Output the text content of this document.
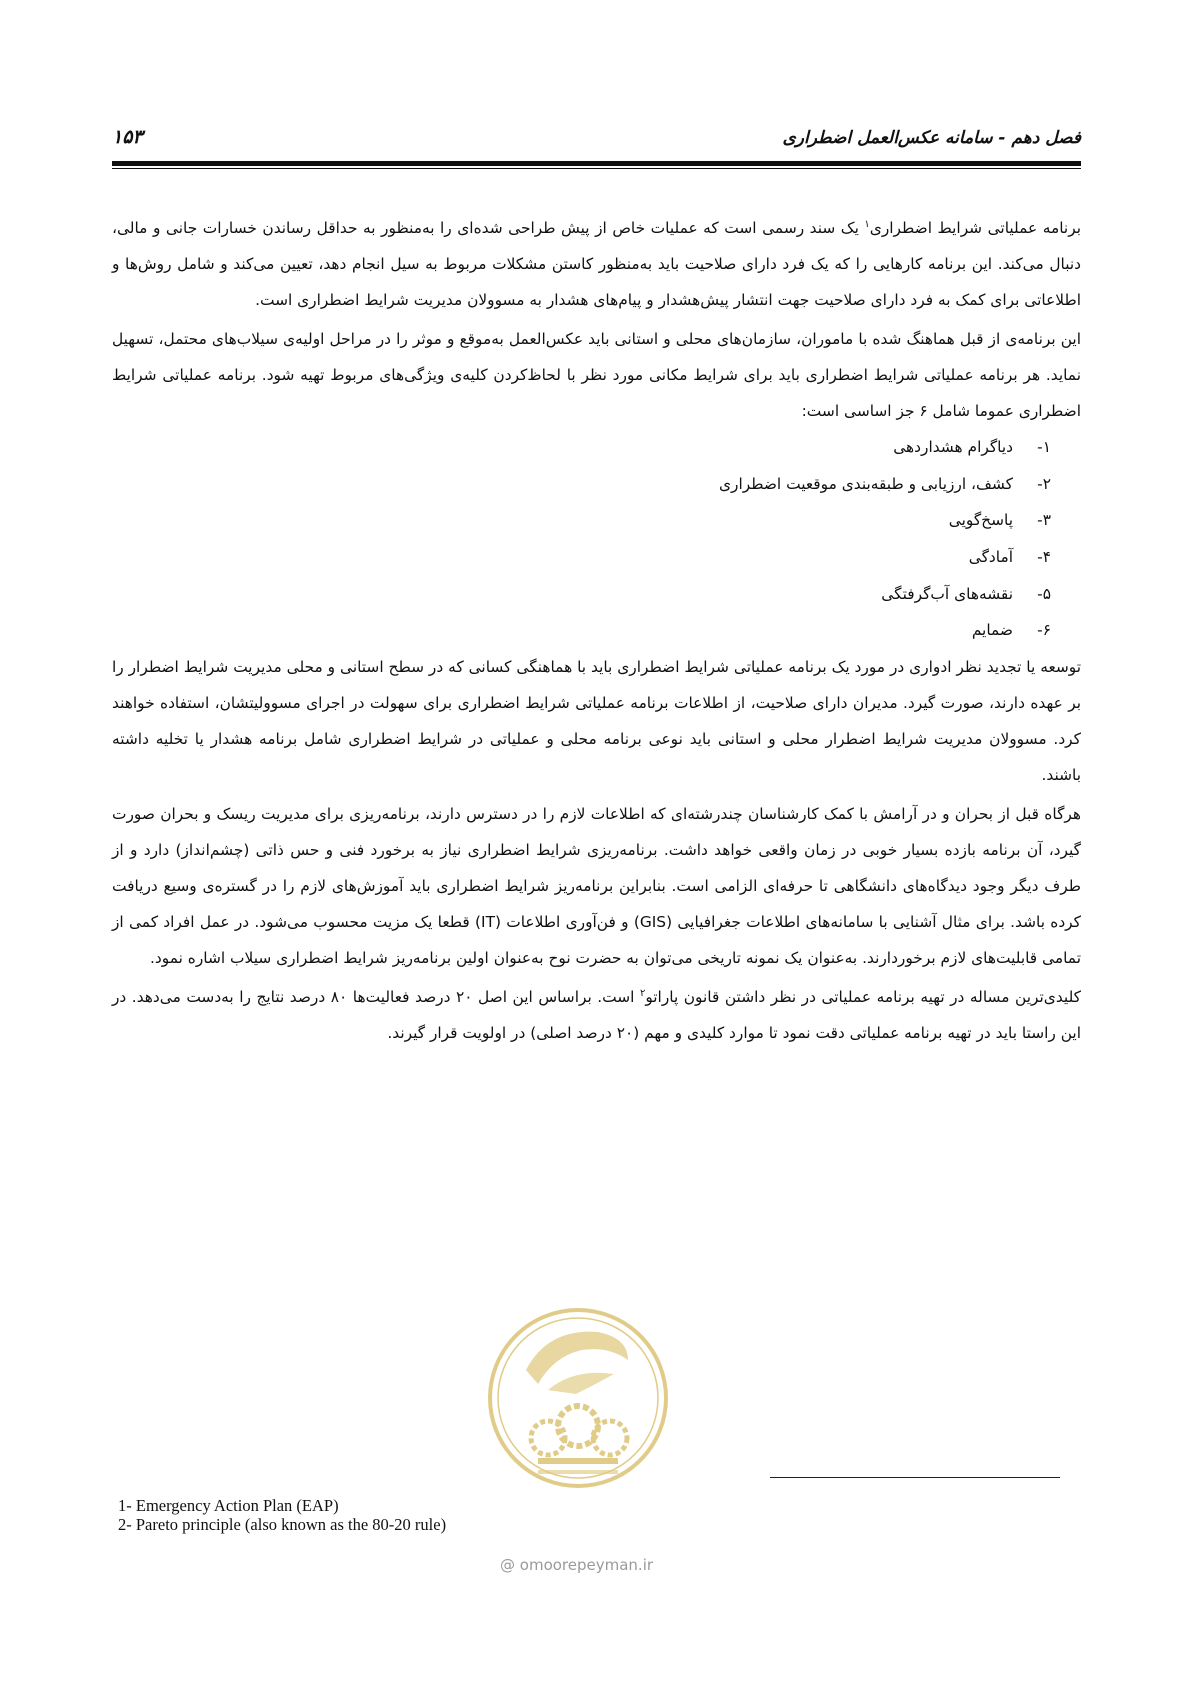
فصل دهم - سامانه عکس‌العمل اضطراری
۱۵۳

برنامه عملیاتی شرایط اضطراری$^۱$ یک سند رسمی است که عملیات خاص از پیش طراحی شده‌ای را به‌منظور به حداقل رساندن خسارات جانی و مالی، دنبال می‌کند. این برنامه کارهایی را که یک فرد دارای صلاحیت باید به‌منظور کاستن مشکلات مربوط به سیل انجام دهد، تعیین می‌کند و شامل روش‌ها و اطلاعاتی برای کمک به فرد دارای صلاحیت جهت انتشار پیش‌هشدار و پیام‌های هشدار به مسوولان مدیریت شرایط اضطراری است.

این برنامه‌ی از قبل هماهنگ شده با ماموران، سازمان‌های محلی و استانی باید عکس‌العمل به‌موقع و موثر را در مراحل اولیه‌ی سیلاب‌های محتمل، تسهیل نماید. هر برنامه عملیاتی شرایط اضطراری باید برای شرایط مکانی مورد نظر با لحاظ‌کردن کلیه‌ی ویژگی‌های مربوط تهیه شود. برنامه عملیاتی شرایط اضطراری عموما شامل ۶ جز اساسی است:

۱-دیاگرام هشداردهی
۲-کشف، ارزیابی و طبقه‌بندی موقعیت اضطراری
۳-پاسخ‌گویی
۴-آمادگی
۵-نقشه‌های آب‌گرفتگی
۶-ضمایم

توسعه یا تجدید نظر ادواری در مورد یک برنامه عملیاتی شرایط اضطراری باید با هماهنگی کسانی که در سطح استانی و محلی مدیریت شرایط اضطرار را بر عهده دارند، صورت گیرد. مدیران دارای صلاحیت، از اطلاعات برنامه عملیاتی شرایط اضطراری برای سهولت در اجرای مسوولیتشان، استفاده خواهند کرد. مسوولان مدیریت شرایط اضطرار محلی و استانی باید نوعی برنامه محلی و عملیاتی در شرایط اضطراری شامل برنامه هشدار یا تخلیه داشته باشند.

هرگاه قبل از بحران و در آرامش با کمک کارشناسان چندرشته‌ای که اطلاعات لازم را در دسترس دارند، برنامه‌ریزی برای مدیریت ریسک و بحران صورت گیرد، آن برنامه بازده بسیار خوبی در زمان واقعی خواهد داشت. برنامه‌ریزی شرایط اضطراری نیاز به برخورد فنی و حس ذاتی (چشم‌انداز) دارد و از طرف دیگر وجود دیدگاه‌های دانشگاهی تا حرفه‌ای الزامی است. بنابراین برنامه‌ریز شرایط اضطراری باید آموزش‌های لازم را در گستره‌ی وسیع دریافت کرده باشد. برای مثال آشنایی با سامانه‌های اطلاعات جغرافیایی (GIS) و فن‌آوری اطلاعات (IT) قطعا یک مزیت محسوب می‌شود. در عمل افراد کمی از تمامی قابلیت‌های لازم برخوردارند. به‌عنوان یک نمونه تاریخی می‌توان به حضرت نوح به‌عنوان اولین برنامه‌ریز شرایط اضطراری سیلاب اشاره نمود.

کلیدی‌ترین مساله در تهیه برنامه عملیاتی در نظر داشتن قانون پاراتو$^۲$ است. براساس این اصل ۲۰ درصد فعالیت‌ها ۸۰ درصد نتایج را به‌دست می‌دهد. در این راستا باید در تهیه برنامه عملیاتی دقت نمود تا موارد کلیدی و مهم (۲۰ درصد اصلی) در اولویت قرار گیرند.

@ omoorepeyman.ir

1- Emergency Action Plan (EAP)

2- Pareto principle (also known as the 80-20 rule)
